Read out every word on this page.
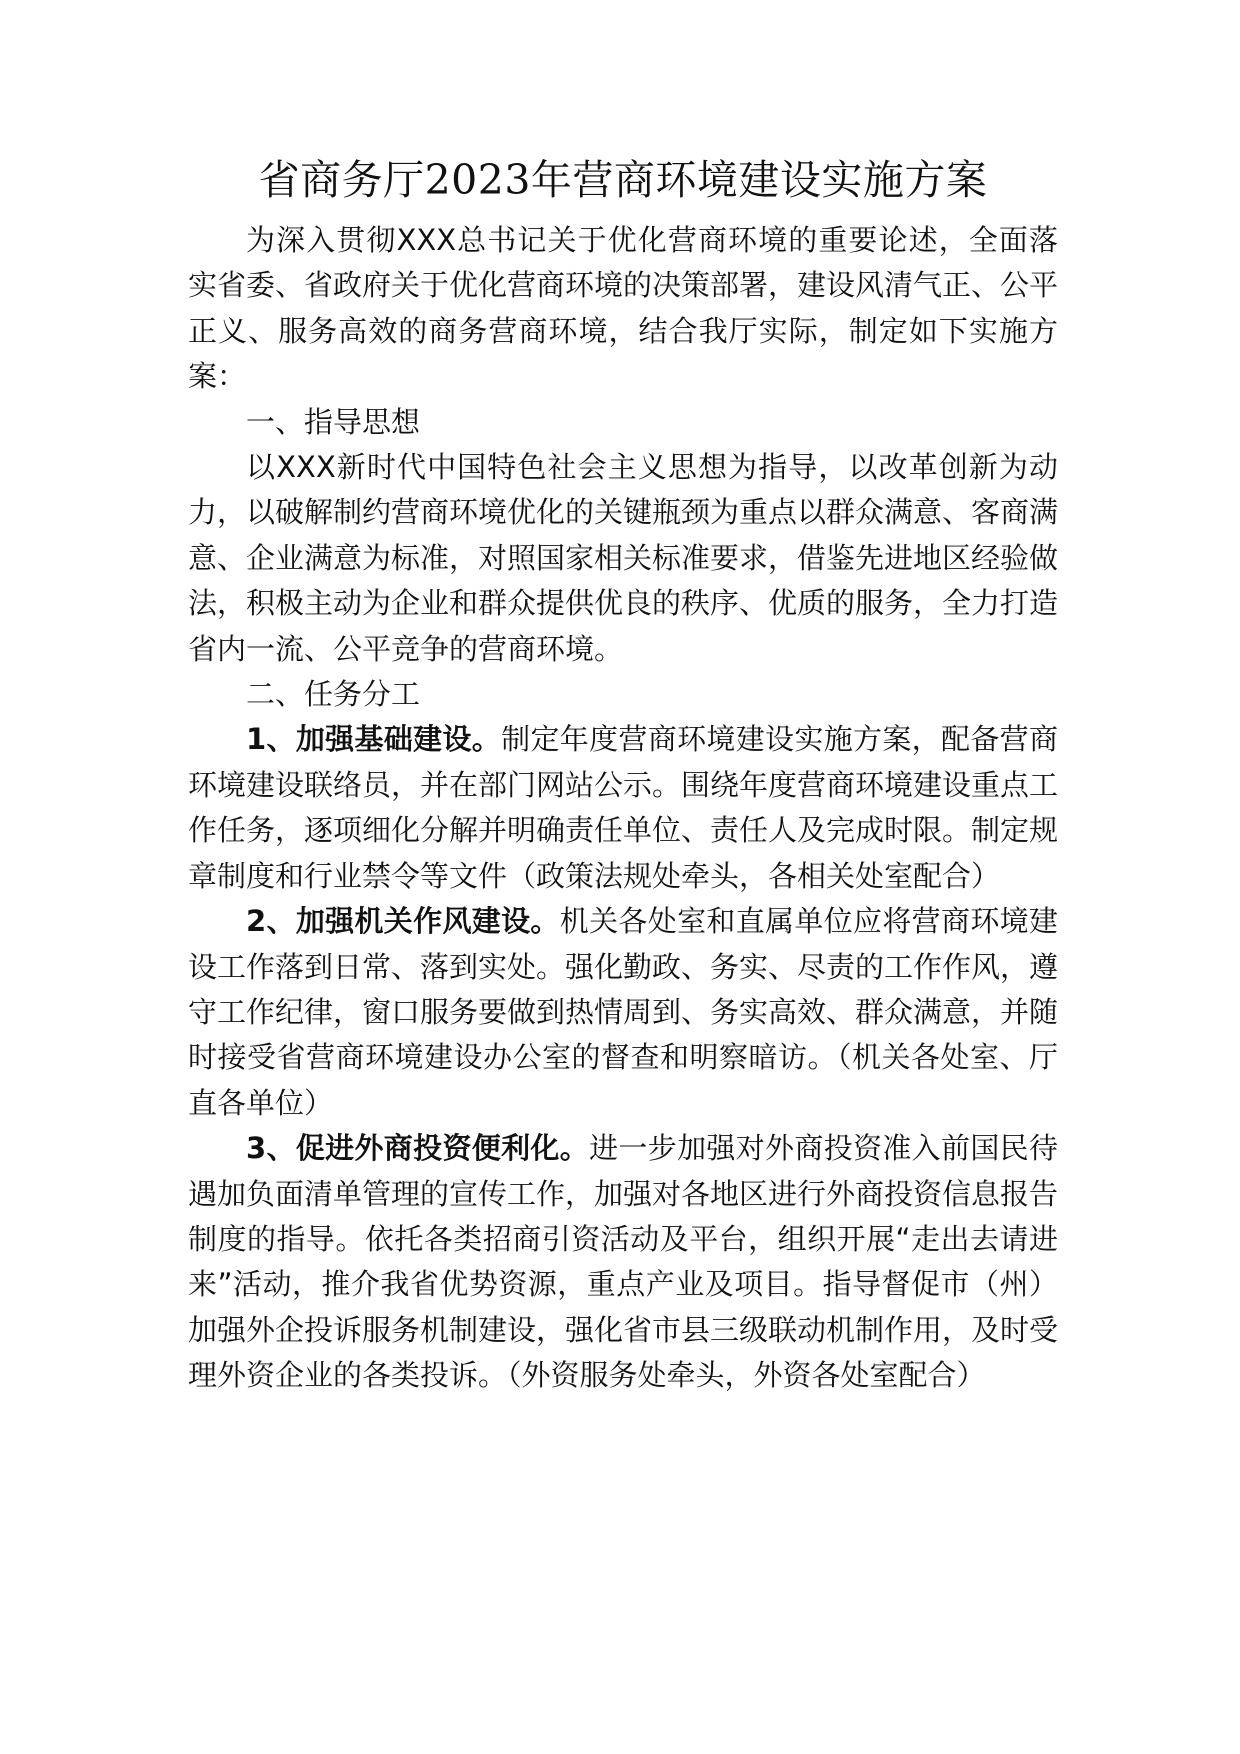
省商务厅2023年营商环境建设实施方案

为深入贯彻XXX总书记关于优化营商环境的重要论述，全面落实省委、省政府关于优化营商环境的决策部署，建设风清气正、公平正义、服务高效的商务营商环境，结合我厅实际，制定如下实施方案：

一、指导思想

以XXX新时代中国特色社会主义思想为指导，以改革创新为动力，以破解制约营商环境优化的关键瓶颈为重点以群众满意、客商满意、企业满意为标准，对照国家相关标准要求，借鉴先进地区经验做法，积极主动为企业和群众提供优良的秩序、优质的服务，全力打造省内一流、公平竞争的营商环境。

二、任务分工

1、加强基础建设。制定年度营商环境建设实施方案，配备营商环境建设联络员，并在部门网站公示。围绕年度营商环境建设重点工作任务，逐项细化分解并明确责任单位、责任人及完成时限。制定规章制度和行业禁令等文件（政策法规处牵头，各相关处室配合）

2、加强机关作风建设。机关各处室和直属单位应将营商环境建设工作落到日常、落到实处。强化勤政、务实、尽责的工作作风，遵守工作纪律，窗口服务要做到热情周到、务实高效、群众满意，并随时接受省营商环境建设办公室的督查和明察暗访。（机关各处室、厅直各单位）

3、促进外商投资便利化。进一步加强对外商投资准入前国民待遇加负面清单管理的宣传工作，加强对各地区进行外商投资信息报告制度的指导。依托各类招商引资活动及平台，组织开展“走出去请进来”活动，推介我省优势资源，重点产业及项目。指导督促市（州）加强外企投诉服务机制建设，强化省市县三级联动机制作用，及时受理外资企业的各类投诉。（外资服务处牵头，外资各处室配合）
